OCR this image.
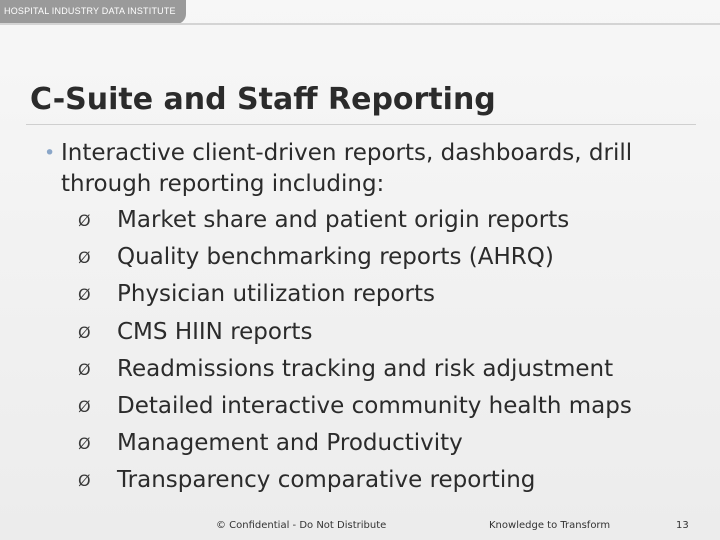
HOSPITAL INDUSTRY DATA INSTITUTE
C-Suite and Staff Reporting
• Interactive client-driven reports, dashboards, drill through reporting including:
Ø Market share and patient origin reports
Ø Quality benchmarking reports (AHRQ)
Ø Physician utilization reports
Ø CMS HIIN reports
Ø Readmissions tracking and risk adjustment
Ø Detailed interactive community health maps
Ø Management and Productivity
Ø Transparency comparative reporting
© Confidential - Do Not Distribute	Knowledge to Transform	13
